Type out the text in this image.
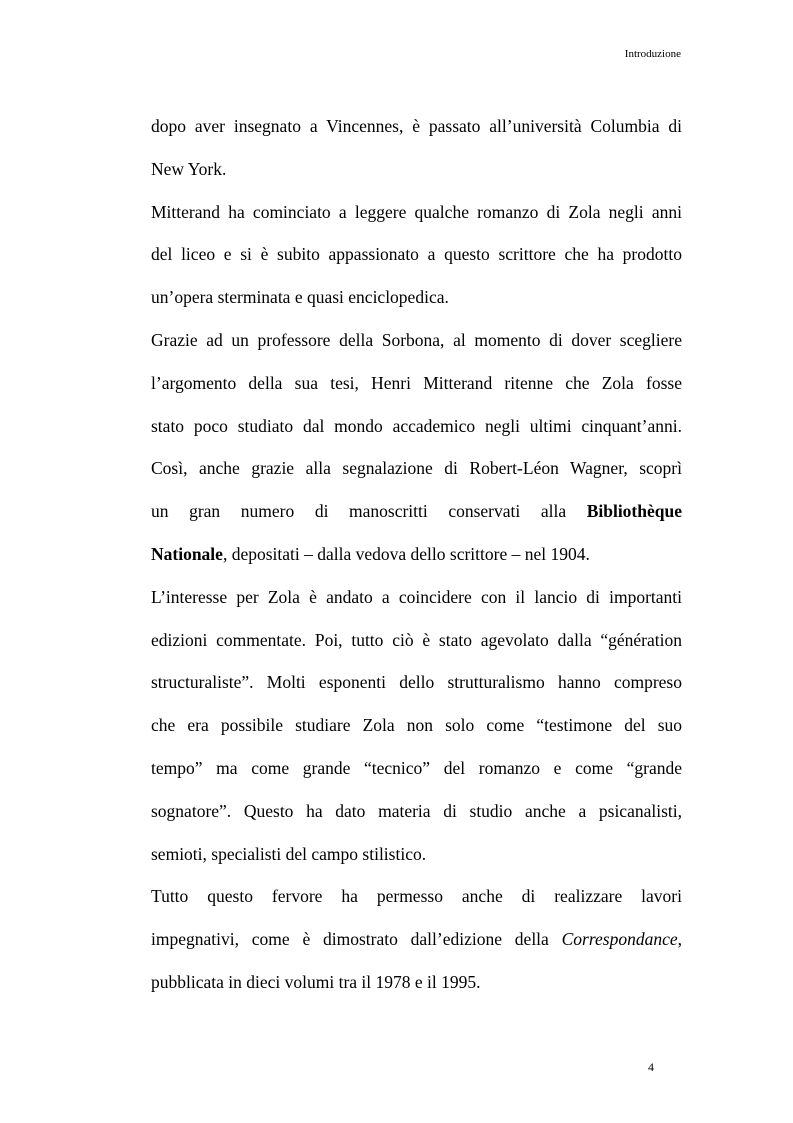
Introduzione

dopo aver insegnato a Vincennes, è passato all’università Columbia di
New York.

Mitterand ha cominciato a leggere qualche romanzo di Zola negli anni
del liceo e si è subito appassionato a questo scrittore che ha prodotto
un’opera sterminata e quasi enciclopedica.

Grazie ad un professore della Sorbona, al momento di dover scegliere
l’argomento della sua tesi, Henri Mitterand ritenne che Zola fosse
stato poco studiato dal mondo accademico negli ultimi cinquant’anni.
Così, anche grazie alla segnalazione di Robert-Léon Wagner, scoprì
un gran numero di manoscritti conservati alla Bibliothèque
Nationale, depositati – dalla vedova dello scrittore – nel 1904.

L’interesse per Zola è andato a coincidere con il lancio di importanti
edizioni commentate. Poi, tutto ciò è stato agevolato dalla “génération
structuraliste”. Molti esponenti dello strutturalismo hanno compreso
che era possibile studiare Zola non solo come “testimone del suo
tempo” ma come grande “tecnico” del romanzo e come “grande
sognatore”. Questo ha dato materia di studio anche a psicanalisti,
semioti, specialisti del campo stilistico.

Tutto questo fervore ha permesso anche di realizzare lavori
impegnativi, come è dimostrato dall’edizione della Correspondance,
pubblicata in dieci volumi tra il 1978 e il 1995.

4
